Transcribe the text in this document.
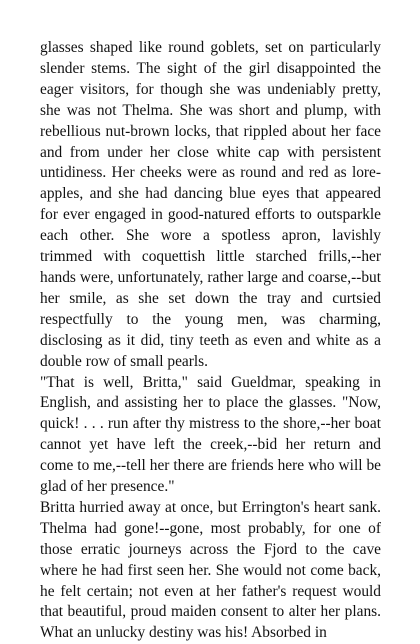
glasses shaped like round goblets, set on particularly slender stems. The sight of the girl disappointed the eager visitors, for though she was undeniably pretty, she was not Thelma. She was short and plump, with rebellious nut-brown locks, that rippled about her face and from under her close white cap with persistent untidiness. Her cheeks were as round and red as lore-apples, and she had dancing blue eyes that appeared for ever engaged in good-natured efforts to outsparkle each other. She wore a spotless apron, lavishly trimmed with coquettish little starched frills,--her hands were, unfortunately, rather large and coarse,--but her smile, as she set down the tray and curtsied respectfully to the young men, was charming, disclosing as it did, tiny teeth as even and white as a double row of small pearls.

"That is well, Britta," said Gueldmar, speaking in English, and assisting her to place the glasses. "Now, quick! . . . run after thy mistress to the shore,--her boat cannot yet have left the creek,--bid her return and come to me,--tell her there are friends here who will be glad of her presence."

Britta hurried away at once, but Errington's heart sank. Thelma had gone!--gone, most probably, for one of those erratic journeys across the Fjord to the cave where he had first seen her. She would not come back, he felt certain; not even at her father's request would that beautiful, proud maiden consent to alter her plans. What an unlucky destiny was his! Absorbed in
